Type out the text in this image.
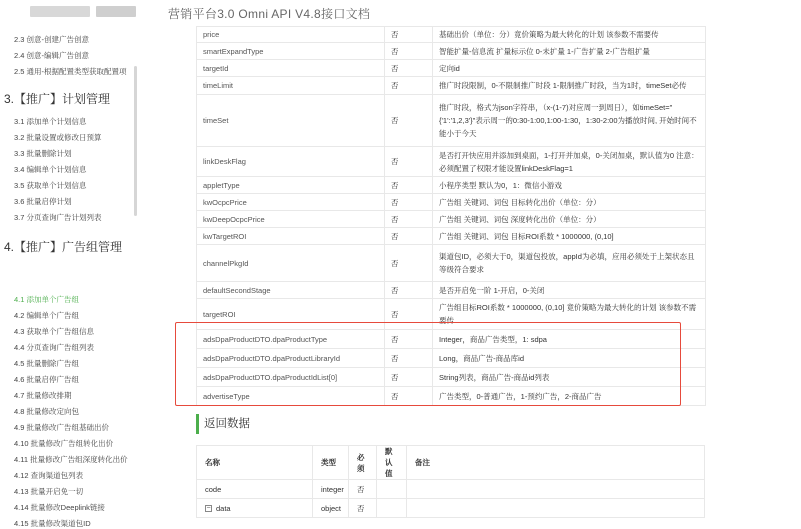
营销平台3.0 Omni API V4.8接口文档
3.【推广】计划管理
4.【推广】广告组管理
2.3 创意-创建广告创意
2.4 创意-编辑广告创意
2.5 通用-根据配置类型获取配置项
3.1 添加单个计划信息
3.2 批量设置或修改日预算
3.3 批量删除计划
3.4 编辑单个计划信息
3.5 获取单个计划信息
3.6 批量启停计划
3.7 分页查询广告计划列表
4.1 添加单个广告组
4.2 编辑单个广告组
4.3 获取单个广告组信息
4.4 分页查询广告组列表
4.5 批量删除广告组
4.6 批量启停广告组
4.7 批量修改排期
4.8 批量修改定向包
4.9 批量修改广告组基础出价
4.10 批量修改广告组转化出价
4.11 批量修改广告组深度转化出价
4.12 查询渠道包列表
4.13 批量开启免一切
4.14 批量修改Deeplink链接
4.15 批量修改渠道包ID
price	否	基础出价（单位：分）竟价策略为最大转化的计划 该参数不需要传
smartExpandType	否	智能扩量-信息流 扩量标示位 0-未扩量 1-广告扩量 2-广告组扩量
targetId	否	定向id
timeLimit	否	推广时段限制，0-不限制推广时段 1-限制推广时段，当为1时，timeSet必传
timeSet	否	推广时段，格式为json字符串，（x-(1-7)对应周一到周日），如timeSet="{'1':'1,2,3'}"表示周一的0:30-1:00,1:00-1:30，1:30-2:00为播放时间, 开始时间不能小于今天
linkDeskFlag	否	是否打开快应用并添加到桌面，1-打开并加桌，0-关闭加桌，默认值为0 注意：必须配置了权限才能设置linkDeskFlag=1
appletType	否	小程序类型 默认为0，1：微信小游戏
kwOcpcPrice	否	广告组 关键词、词包 目标转化出价（单位：分）
kwDeepOcpcPrice	否	广告组 关键词、词包 深度转化出价（单位：分）
kwTargetROI	否	广告组 关键词、词包 目标ROI系数 * 1000000, (0,10]
channelPkgId	否	渠道包ID，必须大于0，渠道包投放，appId为必填，应用必须处于上架状态且 等级符合要求
defaultSecondStage	否	是否开启免一阶 1-开启，0-关闭
targetROI	否	广告组目标ROI系数 * 1000000, (0,10] 竟价策略为最大转化的计划 该参数不需要传
adsDpaProductDTO.dpaProductType	否	Integer，商品广告类型，1: sdpa
adsDpaProductDTO.dpaProductLibraryId	否	Long，商品广告-商品库id
adsDpaProductDTO.dpaProductIdList[0]	否	String列表，商品广告-商品id列表
advertiseType	否	广告类型，0-普通广告，1-预约广告，2-商品广告
返回数据
名称	类型	必须	默认值	备注
code	integer	否		
− data	object	否		
